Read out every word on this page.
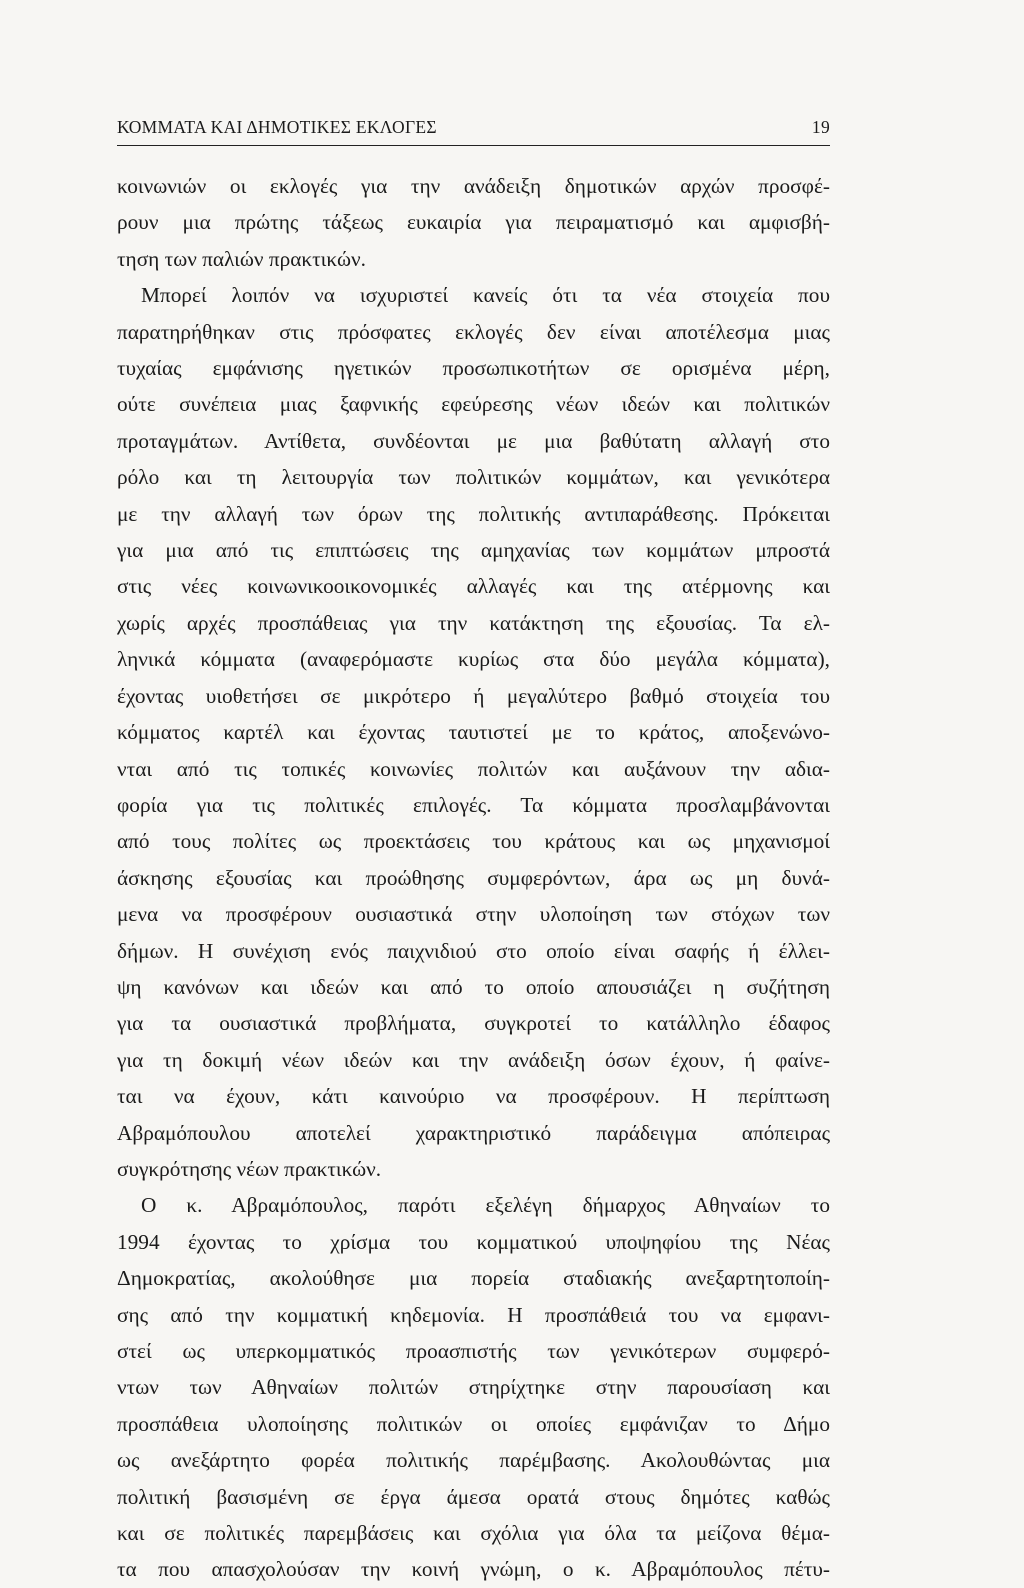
ΚΟΜΜΑΤΑ ΚΑΙ ΔΗΜΟΤΙΚΕΣ ΕΚΛΟΓΕΣ	19
κοινωνιών οι εκλογές για την ανάδειξη δημοτικών αρχών προσφέ-
ρουν μια πρώτης τάξεως ευκαιρία για πειραματισμό και αμφισβή-
τηση των παλιών πρακτικών.
Μπορεί λοιπόν να ισχυριστεί κανείς ότι τα νέα στοιχεία που
παρατηρήθηκαν στις πρόσφατες εκλογές δεν είναι αποτέλεσμα μιας
τυχαίας εμφάνισης ηγετικών προσωπικοτήτων σε ορισμένα μέρη,
ούτε συνέπεια μιας ξαφνικής εφεύρεσης νέων ιδεών και πολιτικών
προταγμάτων. Αντίθετα, συνδέονται με μια βαθύτατη αλλαγή στο
ρόλο και τη λειτουργία των πολιτικών κομμάτων, και γενικότερα
με την αλλαγή των όρων της πολιτικής αντιπαράθεσης. Πρόκειται
για μια από τις επιπτώσεις της αμηχανίας των κομμάτων μπροστά
στις νέες κοινωνικοοικονομικές αλλαγές και της ατέρμονης και
χωρίς αρχές προσπάθειας για την κατάκτηση της εξουσίας. Τα ελ-
ληνικά κόμματα (αναφερόμαστε κυρίως στα δύο μεγάλα κόμματα),
έχοντας υιοθετήσει σε μικρότερο ή μεγαλύτερο βαθμό στοιχεία του
κόμματος καρτέλ και έχοντας ταυτιστεί με το κράτος, αποξενώνο-
νται από τις τοπικές κοινωνίες πολιτών και αυξάνουν την αδια-
φορία για τις πολιτικές επιλογές. Τα κόμματα προσλαμβάνονται
από τους πολίτες ως προεκτάσεις του κράτους και ως μηχανισμοί
άσκησης εξουσίας και προώθησης συμφερόντων, άρα ως μη δυνά-
μενα να προσφέρουν ουσιαστικά στην υλοποίηση των στόχων των
δήμων. Η συνέχιση ενός παιχνιδιού στο οποίο είναι σαφής ή έλλει-
ψη κανόνων και ιδεών και από το οποίο απουσιάζει η συζήτηση
για τα ουσιαστικά προβλήματα, συγκροτεί το κατάλληλο έδαφος
για τη δοκιμή νέων ιδεών και την ανάδειξη όσων έχουν, ή φαίνε-
ται να έχουν, κάτι καινούριο να προσφέρουν. Η περίπτωση
Αβραμόπουλου αποτελεί χαρακτηριστικό παράδειγμα απόπειρας
συγκρότησης νέων πρακτικών.
Ο κ. Αβραμόπουλος, παρότι εξελέγη δήμαρχος Αθηναίων το
1994 έχοντας το χρίσμα του κομματικού υποψηφίου της Νέας
Δημοκρατίας, ακολούθησε μια πορεία σταδιακής ανεξαρτητοποίη-
σης από την κομματική κηδεμονία. Η προσπάθειά του να εμφανι-
στεί ως υπερκομματικός προασπιστής των γενικότερων συμφερό-
ντων των Αθηναίων πολιτών στηρίχτηκε στην παρουσίαση και
προσπάθεια υλοποίησης πολιτικών οι οποίες εμφάνιζαν το Δήμο
ως ανεξάρτητο φορέα πολιτικής παρέμβασης. Ακολουθώντας μια
πολιτική βασισμένη σε έργα άμεσα ορατά στους δημότες καθώς
και σε πολιτικές παρεμβάσεις και σχόλια για όλα τα μείζονα θέμα-
τα που απασχολούσαν την κοινή γνώμη, ο κ. Αβραμόπουλος πέτυ-
